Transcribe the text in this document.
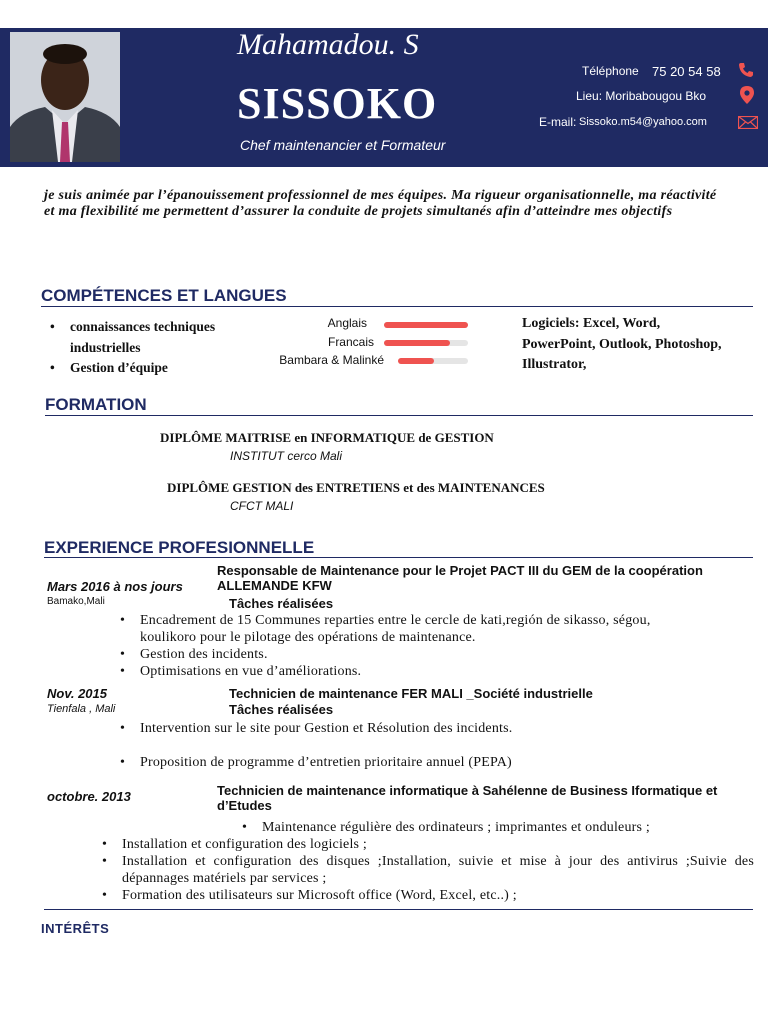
Mahamadou. S
SISSOKO
Chef maintenancier et Formateur
Téléphone 75 20 54 58
Lieu: Moribabougou Bko
E-mail: Sissoko.m54@yahoo.com
je suis animée par l’épanouissement professionnel de mes équipes. Ma rigueur organisationnelle, ma réactivité et ma flexibilité me permettent d’assurer la conduite de projets simultanés afin d’atteindre mes objectifs
COMPÉTENCES ET LANGUES
• connaissances techniques industrielles
• Gestion d’équipe
Anglais
Francais
Bambara & Malinké
Logiciels: Excel, Word, PowerPoint, Outlook, Photoshop, Illustrator,
FORMATION
DIPLÔME MAITRISE en INFORMATIQUE de GESTION
INSTITUT cerco Mali
DIPLÔME GESTION des ENTRETIENS et des MAINTENANCES
CFCT MALI
EXPERIENCE PROFESIONNELLE
Responsable de Maintenance pour le Projet PACT III du GEM de la coopération ALLEMANDE KFW
Mars 2016 à nos jours
Bamako,Mali	Tâches réalisées
• Encadrement de 15 Communes reparties entre le cercle de kati,región de sikasso, ségou, koulikoro pour le pilotage des opérations de maintenance.
• Gestion des incidents.
• Optimisations en vue d’améliorations.
Nov. 2015
Tienfala , Mali
Technicien de maintenance FER MALI _Société industrielle
Tâches réalisées
• Intervention sur le site pour Gestion et Résolution des incidents.
• Proposition de programme d’entretien prioritaire annuel (PEPA)
Technicien de maintenance informatique à Sahélenne de Business Iformatique et d’Etudes
octobre. 2013
• Maintenance régulière des ordinateurs ; imprimantes et onduleurs ;
• Installation et configuration des logiciels ;
• Installation et configuration des disques ;Installation, suivie et mise à jour des antivirus ;Suivie des dépannages matériels par services ;
• Formation des utilisateurs sur Microsoft office (Word, Excel, etc..) ;
INTÉRÊTS
